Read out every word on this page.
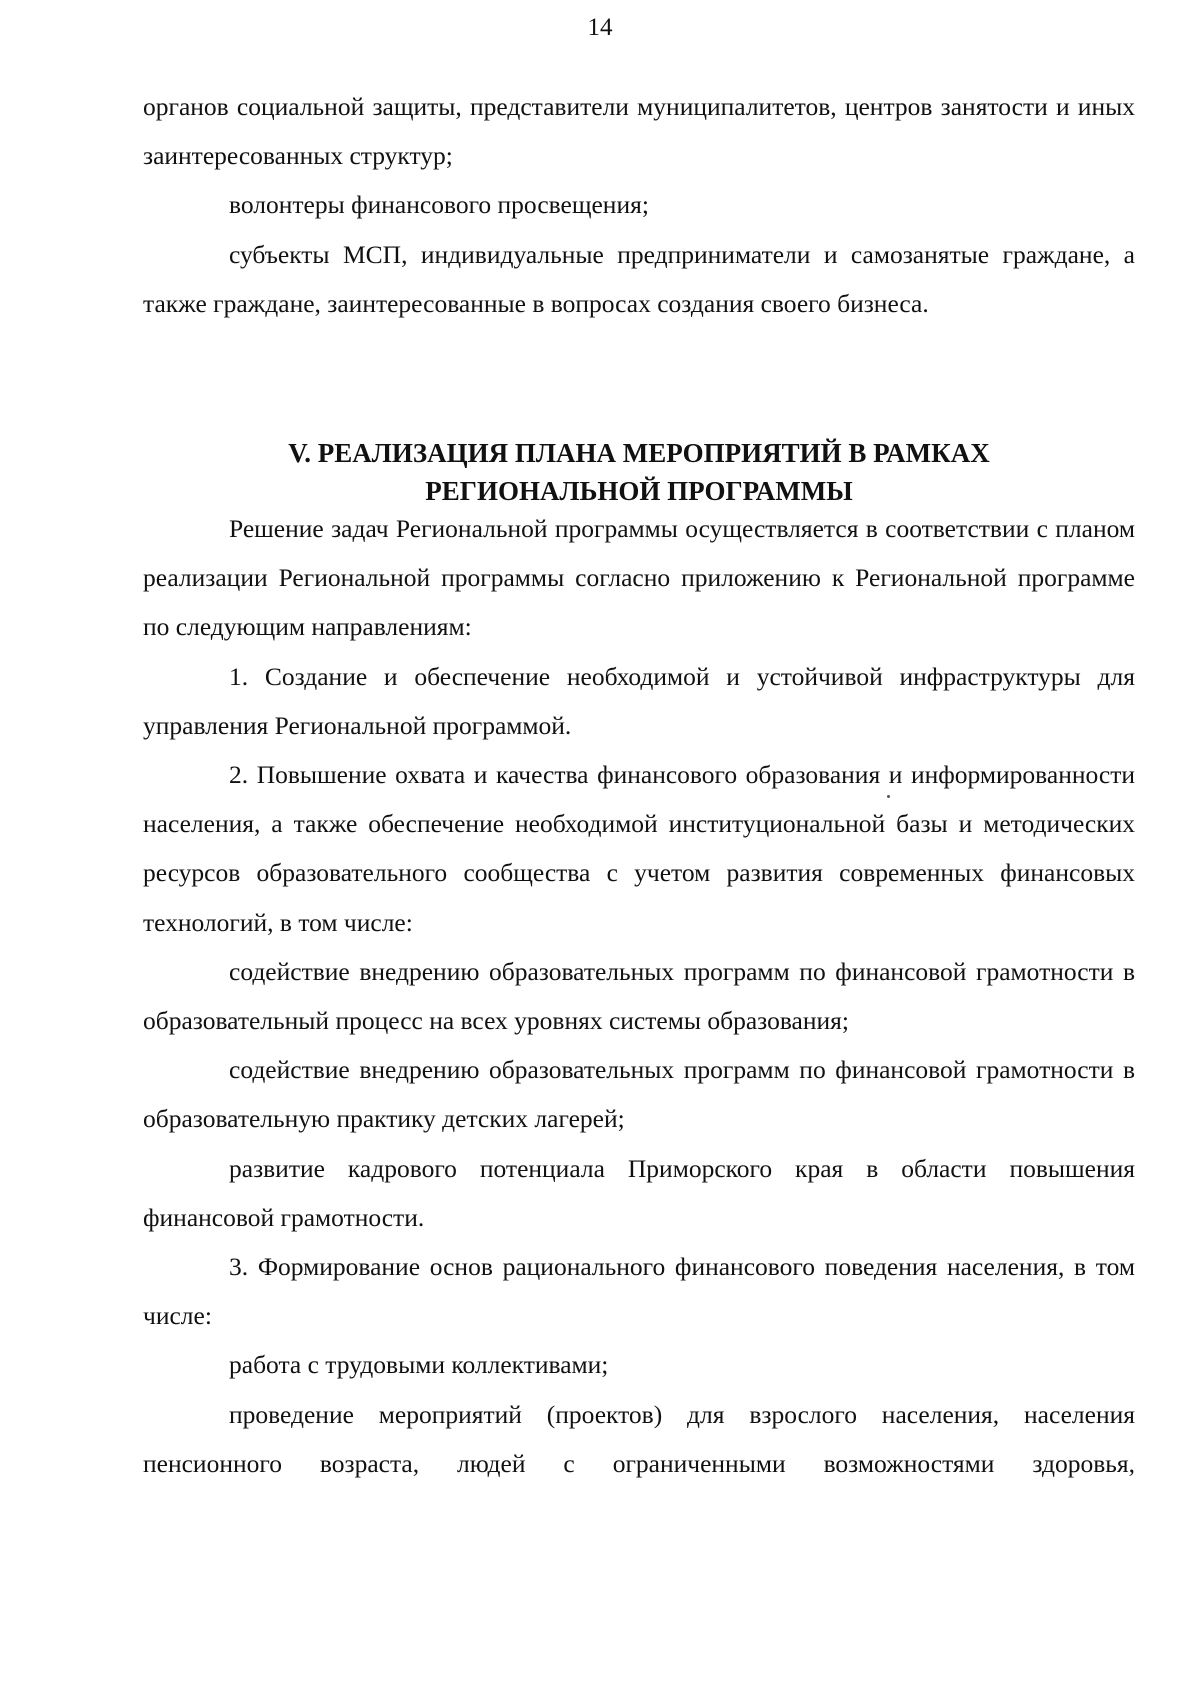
14

органов социальной защиты, представители муниципалитетов, центров занятости и иных заинтересованных структур;

волонтеры финансового просвещения;

субъекты МСП, индивидуальные предприниматели и самозанятые граждане, а также граждане, заинтересованные в вопросах создания своего бизнеса.

V. РЕАЛИЗАЦИЯ ПЛАНА МЕРОПРИЯТИЙ В РАМКАХ
РЕГИОНАЛЬНОЙ ПРОГРАММЫ

Решение задач Региональной программы осуществляется в соответствии с планом реализации Региональной программы согласно приложению к Региональной программе по следующим направлениям:

1. Создание и обеспечение необходимой и устойчивой инфраструктуры для управления Региональной программой.

2. Повышение охвата и качества финансового образования и информированности населения, а также обеспечение необходимой институциональной базы и методических ресурсов образовательного сообщества с учетом развития современных финансовых технологий, в том числе:

содействие внедрению образовательных программ по финансовой грамотности в образовательный процесс на всех уровнях системы образования;

содействие внедрению образовательных программ по финансовой грамотности в образовательную практику детских лагерей;

развитие кадрового потенциала Приморского края в области повышения финансовой грамотности.

3. Формирование основ рационального финансового поведения населения, в том числе:

работа с трудовыми коллективами;

проведение мероприятий (проектов) для взрослого населения, населения пенсионного возраста, людей с ограниченными возможностями здоровья,
